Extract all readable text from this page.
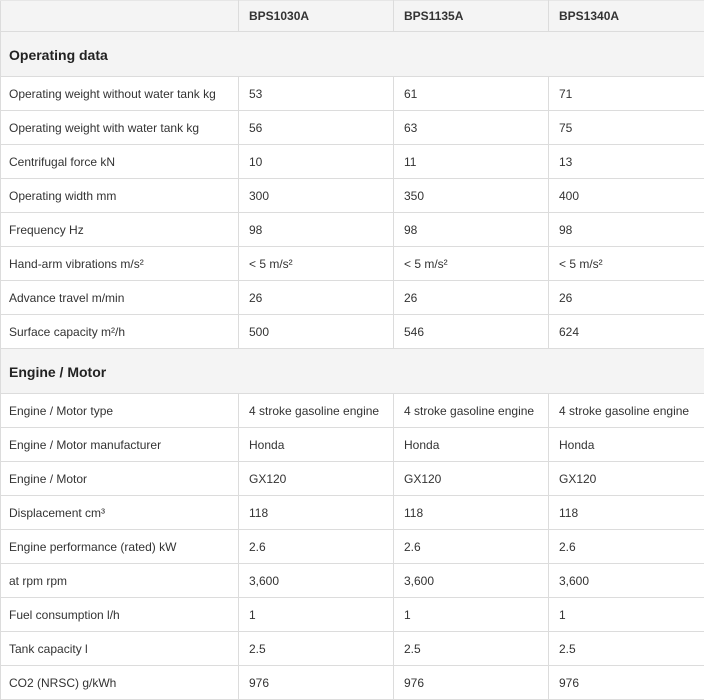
	BPS1030A	BPS1135A	BPS1340A
Operating data			
Operating weight without water tank kg	53	61	71
Operating weight with water tank kg	56	63	75
Centrifugal force kN	10	11	13
Operating width mm	300	350	400
Frequency Hz	98	98	98
Hand-arm vibrations m/s²	< 5 m/s²	< 5 m/s²	< 5 m/s²
Advance travel m/min	26	26	26
Surface capacity m²/h	500	546	624
Engine / Motor			
Engine / Motor type	4 stroke gasoline engine	4 stroke gasoline engine	4 stroke gasoline engine
Engine / Motor manufacturer	Honda	Honda	Honda
Engine / Motor	GX120	GX120	GX120
Displacement cm³	118	118	118
Engine performance (rated) kW	2.6	2.6	2.6
at rpm rpm	3,600	3,600	3,600
Fuel consumption l/h	1	1	1
Tank capacity l	2.5	2.5	2.5
CO2 (NRSC) g/kWh	976	976	976
